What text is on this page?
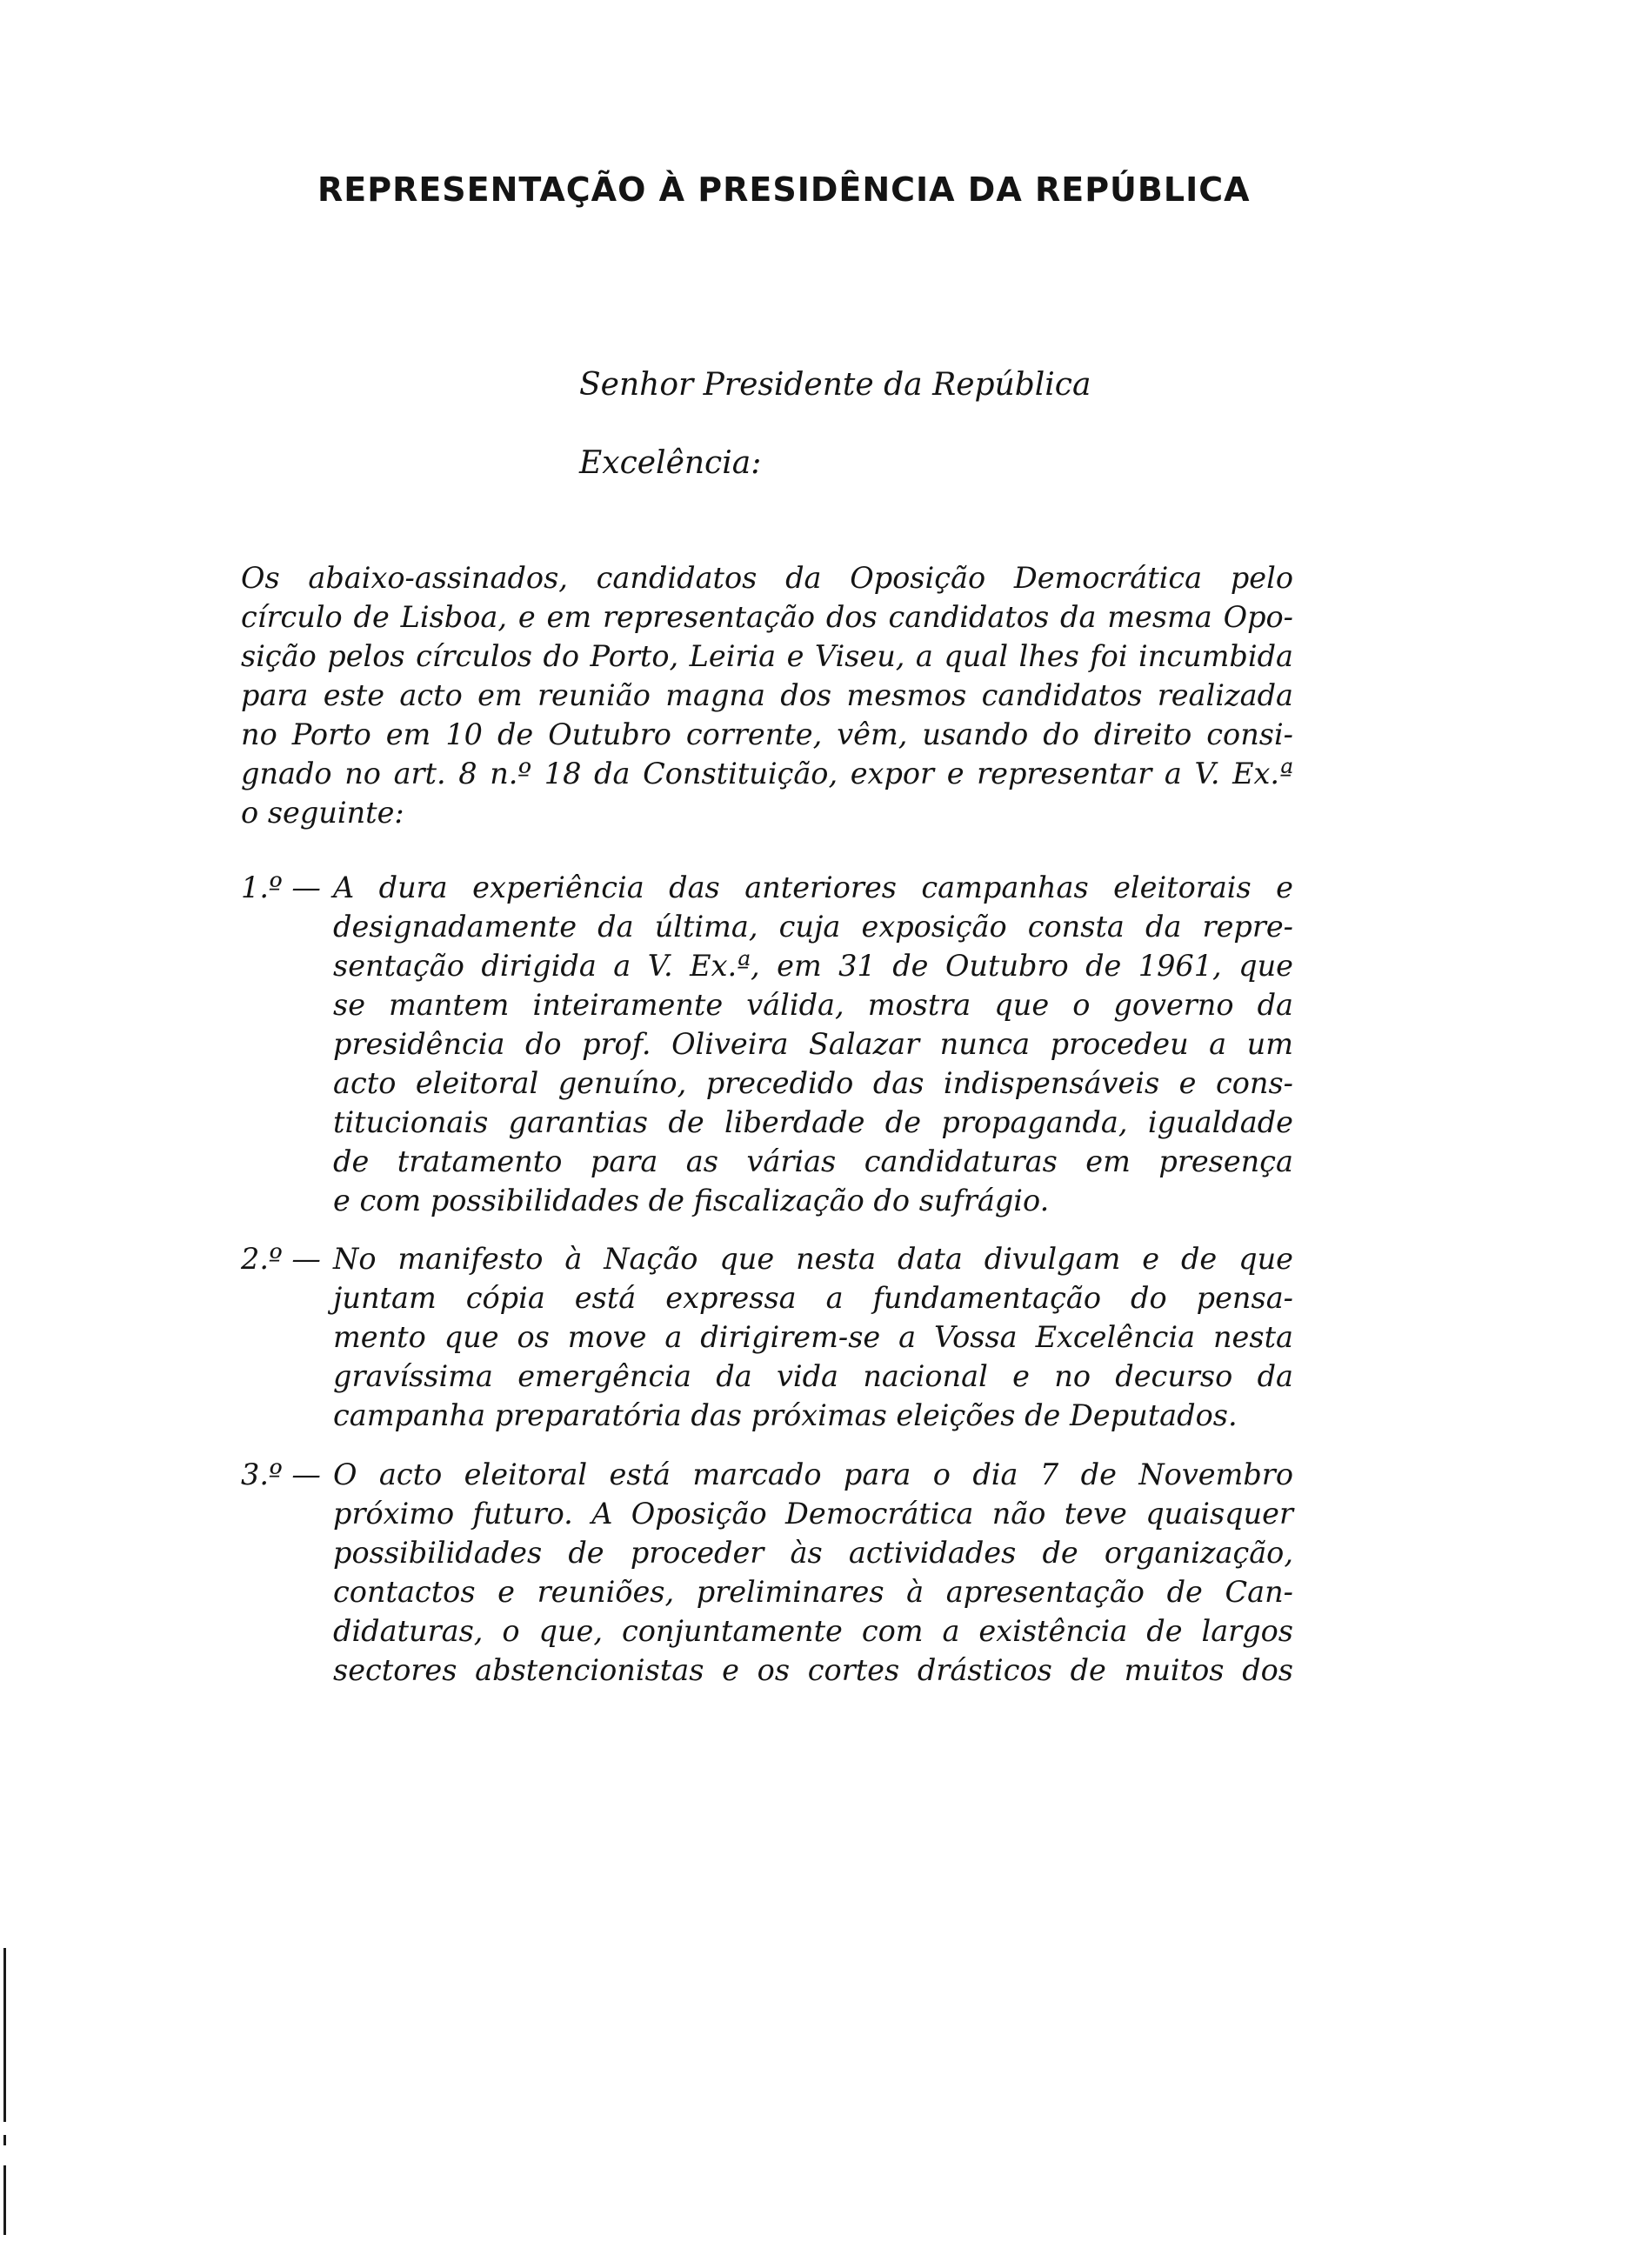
REPRESENTAÇÃO À PRESIDÊNCIA DA REPÚBLICA
Senhor Presidente da República
Excelência:
Os abaixo-assinados, candidatos da Oposição Democrática pelo
círculo de Lisboa, e em representação dos candidatos da mesma Opo-
sição pelos círculos do Porto, Leiria e Viseu, a qual lhes foi incumbida
para este acto em reunião magna dos mesmos candidatos realizada
no Porto em 10 de Outubro corrente, vêm, usando do direito consi-
gnado no art. 8 n.º 18 da Constituição, expor e representar a V. Ex.ª
o seguinte:
1.º — A dura experiência das anteriores campanhas eleitorais e
designadamente da última, cuja exposição consta da repre-
sentação dirigida a V. Ex.ª, em 31 de Outubro de 1961, que
se mantem inteiramente válida, mostra que o governo da
presidência do prof. Oliveira Salazar nunca procedeu a um
acto eleitoral genuíno, precedido das indispensáveis e cons-
titucionais garantias de liberdade de propaganda, igualdade
de tratamento para as várias candidaturas em presença
e com possibilidades de fiscalização do sufrágio.
2.º — No manifesto à Nação que nesta data divulgam e de que
juntam cópia está expressa a fundamentação do pensa-
mento que os move a dirigirem-se a Vossa Excelência nesta
gravíssima emergência da vida nacional e no decurso da
campanha preparatória das próximas eleições de Deputados.
3.º — O acto eleitoral está marcado para o dia 7 de Novembro
próximo futuro. A Oposição Democrática não teve quaisquer
possibilidades de proceder às actividades de organização,
contactos e reuniões, preliminares à apresentação de Can-
didaturas, o que, conjuntamente com a existência de largos
sectores abstencionistas e os cortes drásticos de muitos dos
